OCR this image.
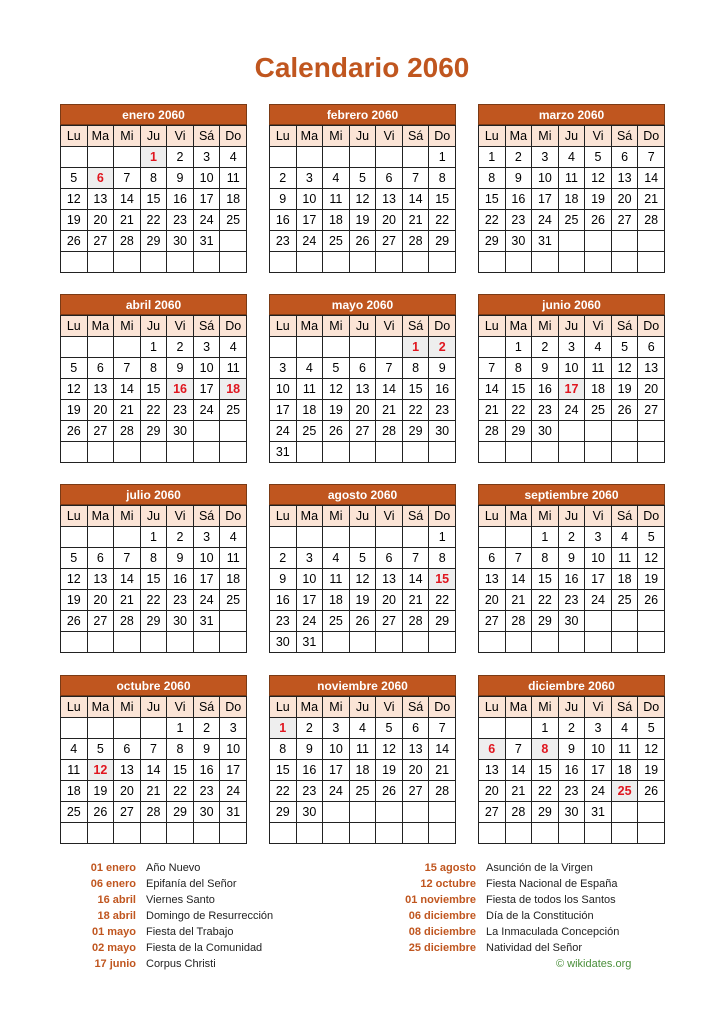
Calendario 2060
enero 2060
Lu	Ma	Mi	Ju	Vi	Sá	Do
			1	2	3	4
5	6	7	8	9	10	11
12	13	14	15	16	17	18
19	20	21	22	23	24	25
26	27	28	29	30	31	

febrero 2060
Lu	Ma	Mi	Ju	Vi	Sá	Do
						1
2	3	4	5	6	7	8
9	10	11	12	13	14	15
16	17	18	19	20	21	22
23	24	25	26	27	28	29

marzo 2060
Lu	Ma	Mi	Ju	Vi	Sá	Do
1	2	3	4	5	6	7
8	9	10	11	12	13	14
15	16	17	18	19	20	21
22	23	24	25	26	27	28
29	30	31				

abril 2060
Lu	Ma	Mi	Ju	Vi	Sá	Do
			1	2	3	4
5	6	7	8	9	10	11
12	13	14	15	16	17	18
19	20	21	22	23	24	25
26	27	28	29	30		

mayo 2060
Lu	Ma	Mi	Ju	Vi	Sá	Do
					1	2
3	4	5	6	7	8	9
10	11	12	13	14	15	16
17	18	19	20	21	22	23
24	25	26	27	28	29	30
31						
junio 2060
Lu	Ma	Mi	Ju	Vi	Sá	Do
	1	2	3	4	5	6
7	8	9	10	11	12	13
14	15	16	17	18	19	20
21	22	23	24	25	26	27
28	29	30				

julio 2060
Lu	Ma	Mi	Ju	Vi	Sá	Do
			1	2	3	4
5	6	7	8	9	10	11
12	13	14	15	16	17	18
19	20	21	22	23	24	25
26	27	28	29	30	31	

agosto 2060
Lu	Ma	Mi	Ju	Vi	Sá	Do
						1
2	3	4	5	6	7	8
9	10	11	12	13	14	15
16	17	18	19	20	21	22
23	24	25	26	27	28	29
30	31					
septiembre 2060
Lu	Ma	Mi	Ju	Vi	Sá	Do
		1	2	3	4	5
6	7	8	9	10	11	12
13	14	15	16	17	18	19
20	21	22	23	24	25	26
27	28	29	30			

octubre 2060
Lu	Ma	Mi	Ju	Vi	Sá	Do
				1	2	3
4	5	6	7	8	9	10
11	12	13	14	15	16	17
18	19	20	21	22	23	24
25	26	27	28	29	30	31

noviembre 2060
Lu	Ma	Mi	Ju	Vi	Sá	Do
1	2	3	4	5	6	7
8	9	10	11	12	13	14
15	16	17	18	19	20	21
22	23	24	25	26	27	28
29	30					

diciembre 2060
Lu	Ma	Mi	Ju	Vi	Sá	Do
		1	2	3	4	5
6	7	8	9	10	11	12
13	14	15	16	17	18	19
20	21	22	23	24	25	26
27	28	29	30	31		

01 enero Año Nuevo
06 enero Epifanía del Señor
16 abril Viernes Santo
18 abril Domingo de Resurrección
01 mayo Fiesta del Trabajo
02 mayo Fiesta de la Comunidad
17 junio Corpus Christi
15 agosto Asunción de la Virgen
12 octubre Fiesta Nacional de España
01 noviembre Fiesta de todos los Santos
06 diciembre Día de la Constitución
08 diciembre La Inmaculada Concepción
25 diciembre Natividad del Señor
© wikidates.org
